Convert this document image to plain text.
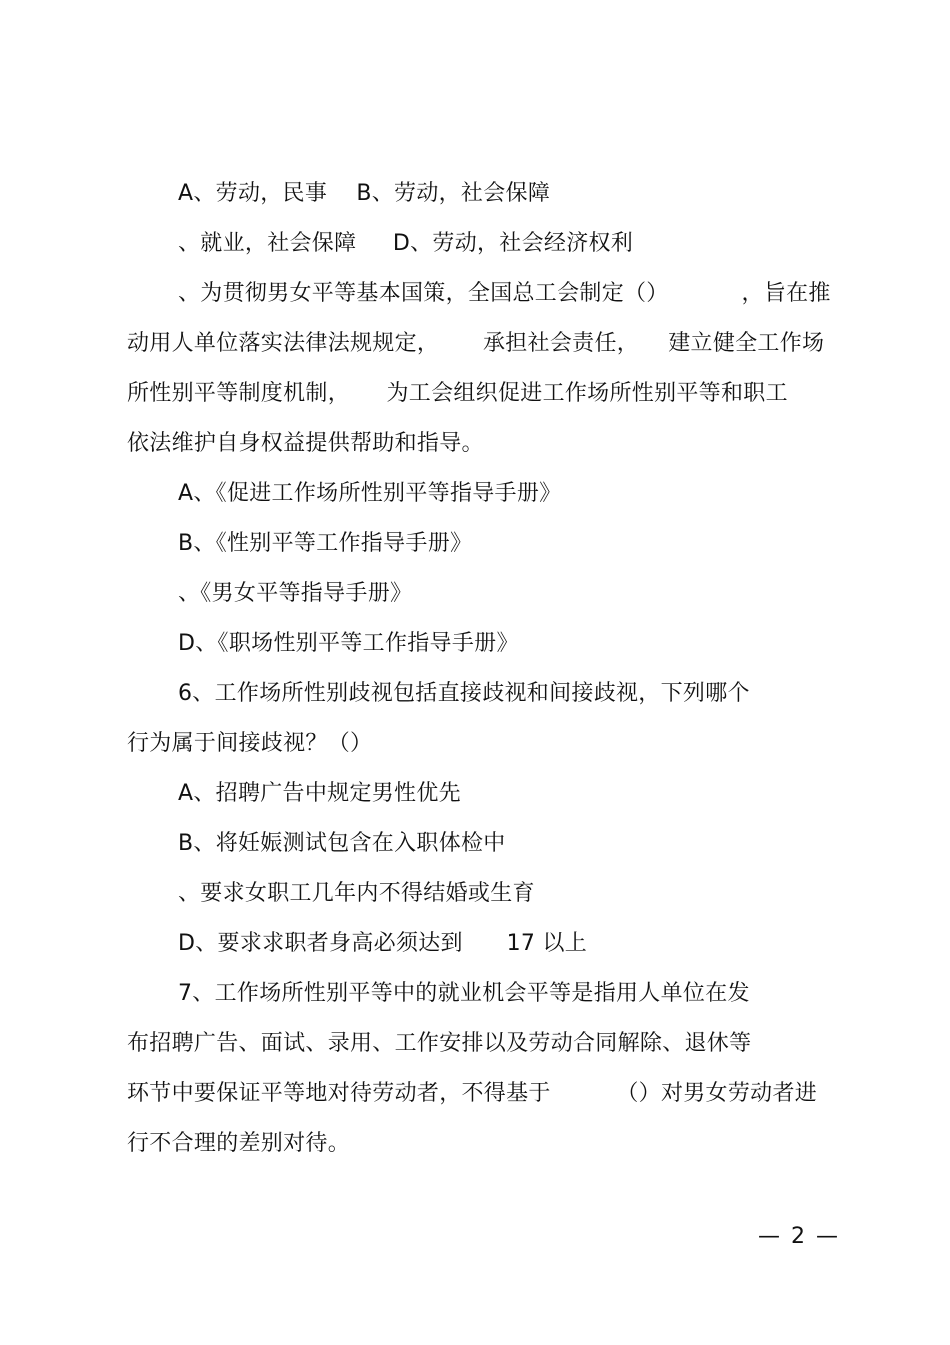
A、劳动，民事    B、劳动，社会保障
、就业，社会保障     D、劳动，社会经济权利
、为贯彻男女平等基本国策，全国总工会制定（）          ，旨在推
动用人单位落实法律法规规定，      承担社会责任，    建立健全工作场
所性别平等制度机制，     为工会组织促进工作场所性别平等和职工
依法维护自身权益提供帮助和指导。
A、《促进工作场所性别平等指导手册》
B、《性别平等工作指导手册》
、《男女平等指导手册》
D、《职场性别平等工作指导手册》
6、工作场所性别歧视包括直接歧视和间接歧视，下列哪个
行为属于间接歧视？（）
A、招聘广告中规定男性优先
B、将妊娠测试包含在入职体检中
、要求女职工几年内不得结婚或生育
D、要求求职者身高必须达到      17 以上
7、工作场所性别平等中的就业机会平等是指用人单位在发
布招聘广告、面试、录用、工作安排以及劳动合同解除、退休等
环节中要保证平等地对待劳动者，不得基于         （）对男女劳动者进
行不合理的差别对待。
— 2 —
